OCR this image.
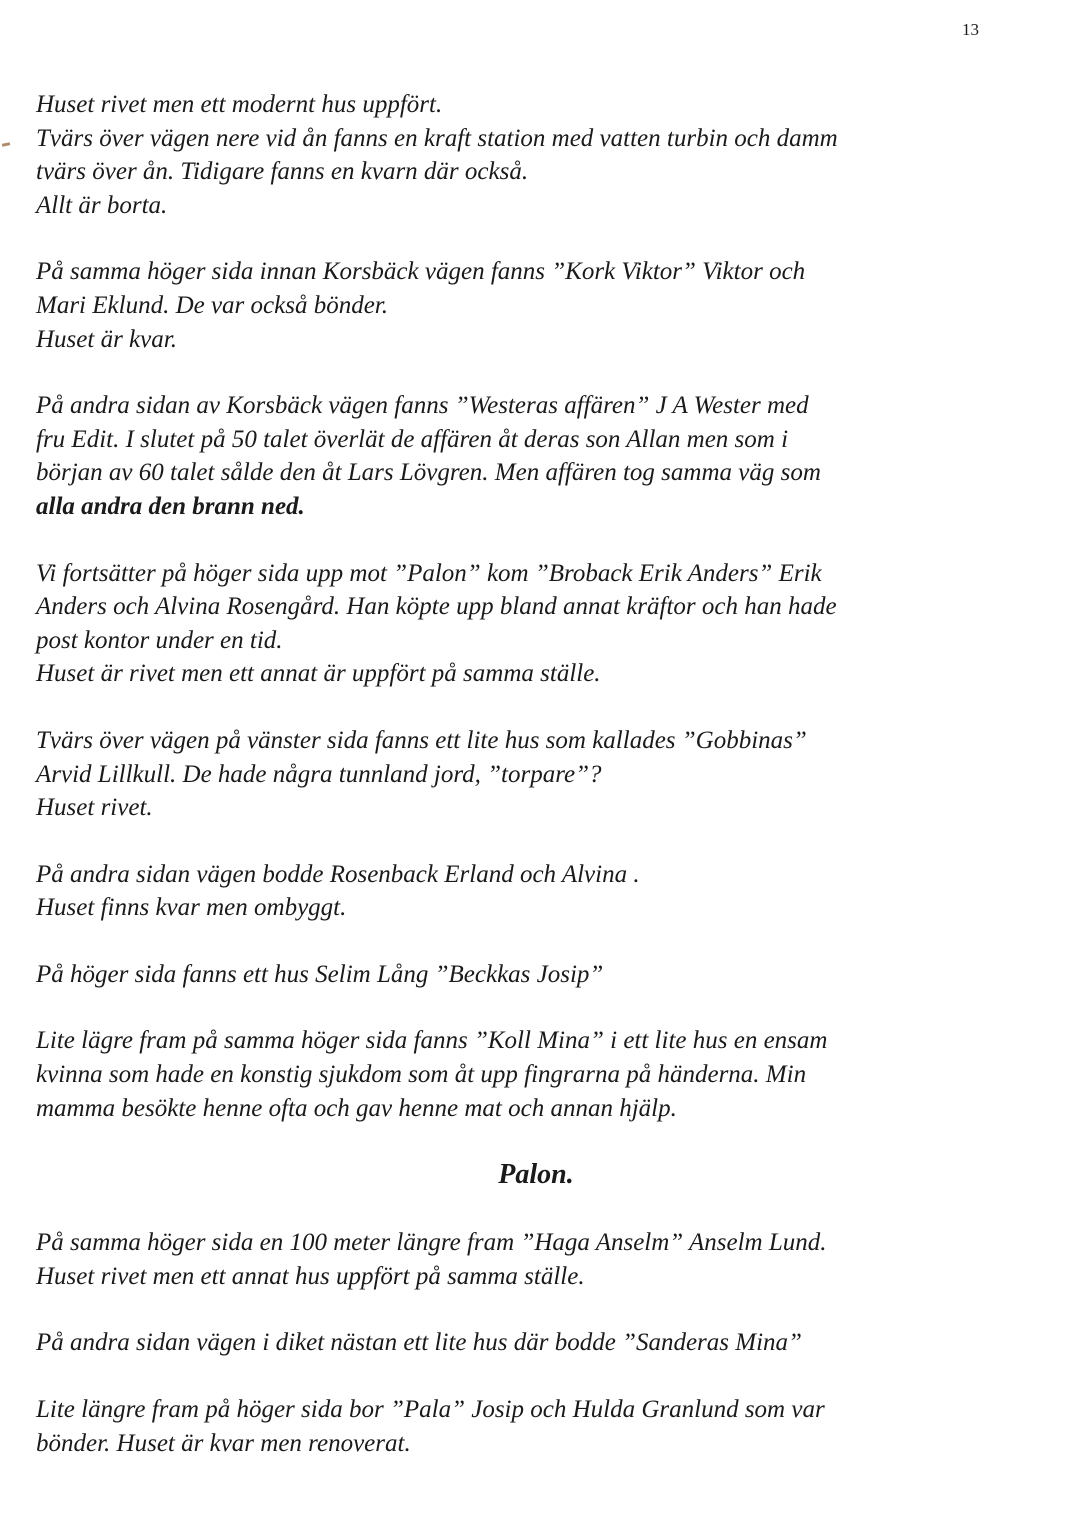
13

Huset rivet men ett modernt hus uppfört.
Tvärs över vägen nere vid ån fanns en kraft station med vatten turbin och damm
tvärs över ån. Tidigare fanns en kvarn där också.
Allt är borta.

På samma höger sida innan Korsbäck vägen fanns ”Kork Viktor” Viktor och
Mari Eklund. De var också bönder.
Huset är kvar.

På andra sidan av Korsbäck vägen fanns ”Westeras affären” J A Wester med
fru Edit. I slutet på 50 talet överlät de affären åt deras son Allan men som i
början av 60 talet sålde den åt Lars Lövgren. Men affären tog samma väg som
alla andra den brann ned.

Vi fortsätter på höger sida upp mot ”Palon” kom ”Broback Erik Anders” Erik
Anders och Alvina Rosengård. Han köpte upp bland annat kräftor och han hade
post kontor under en tid.
Huset är rivet men ett annat är uppfört på samma ställe.

Tvärs över vägen på vänster sida fanns ett lite hus som kallades ”Gobbinas”
Arvid Lillkull. De hade några tunnland jord, ”torpare”?
Huset rivet.

På andra sidan vägen bodde Rosenback Erland och Alvina .
Huset finns kvar men ombyggt.

På höger sida fanns ett hus Selim Lång ”Beckkas Josip”

Lite lägre fram på samma höger sida fanns ”Koll Mina” i ett lite hus en ensam
kvinna som hade en konstig sjukdom som åt upp fingrarna på händerna. Min
mamma besökte henne ofta och gav henne mat och annan hjälp.

Palon.

På samma höger sida en 100 meter längre fram ”Haga Anselm” Anselm Lund.
Huset rivet men ett annat hus uppfört på samma ställe.

På andra sidan vägen i diket nästan ett lite hus där bodde ”Sanderas Mina”

Lite längre fram på höger sida bor ”Pala” Josip och Hulda Granlund som var
bönder. Huset är kvar men renoverat.
